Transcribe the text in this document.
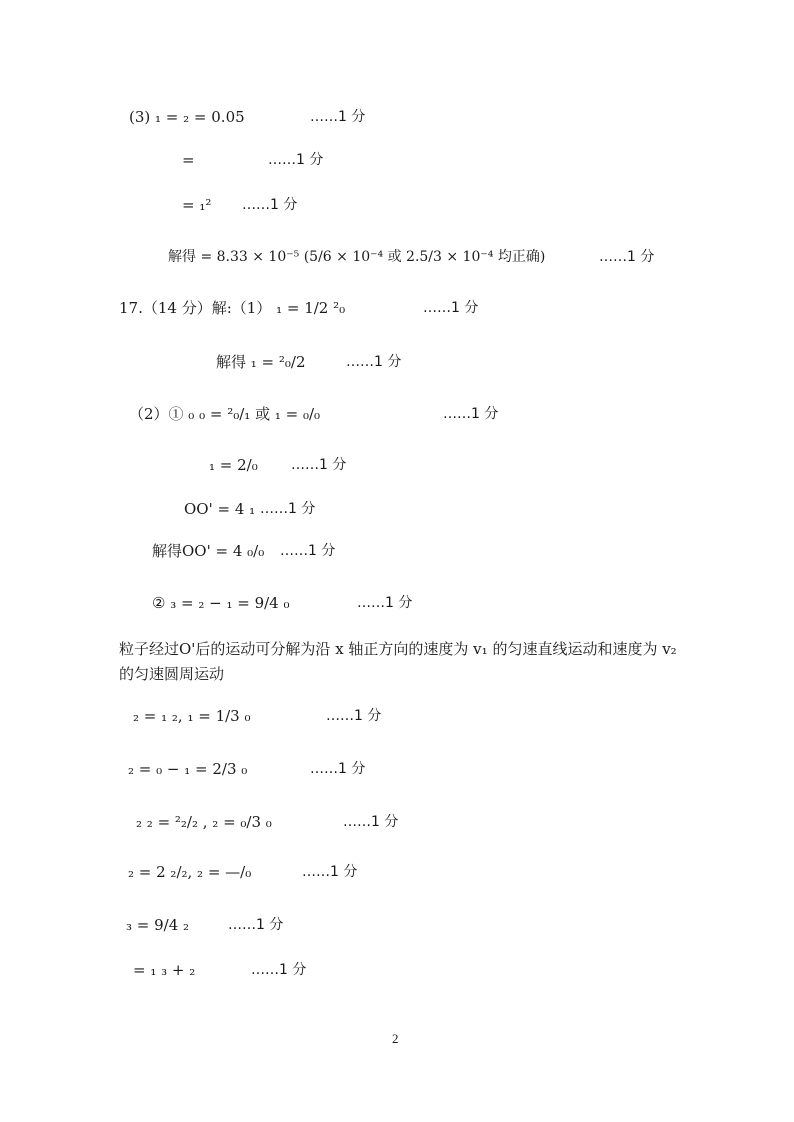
(3) ₁ = ₂ = 0.05	……1 分
=	……1 分
= ₁² ……1 分
解得 = 8.33 × 10⁻⁵ (5/6 × 10⁻⁴ 或 2.5/3 × 10⁻⁴ 均正确)	……1 分
17.（14 分）解:（1） ₁ = 1/2 ²₀	……1 分
解得 ₁ = ²₀/2	……1 分
（2）① ₀ ₀ = ²₀/₁ 或 ₁ = ₀/₀	……1 分
₁ = 2/₀ ……1 分
OO' = 4 ₁ ……1 分
解得OO' = 4 ₀/₀ ……1 分
② ₃ = ₂ − ₁ = 9/4 ₀	……1 分
粒子经过O'后的运动可分解为沿 x 轴正方向的速度为 v₁ 的匀速直线运动和速度为 v₂ 的匀速圆周运动
₂ = ₁ ₂, ₁ = 1/3 ₀	……1 分
₂ = ₀ − ₁ = 2/3 ₀	……1 分
₂ ₂ = ²₂/₂ , ₂ = ₀/3 ₀	……1 分
₂ = 2 ₂/₂, ₂ = —/₀	……1 分
₃ = 9/4 ₂	……1 分
= ₁ ₃ + ₂	……1 分
2
